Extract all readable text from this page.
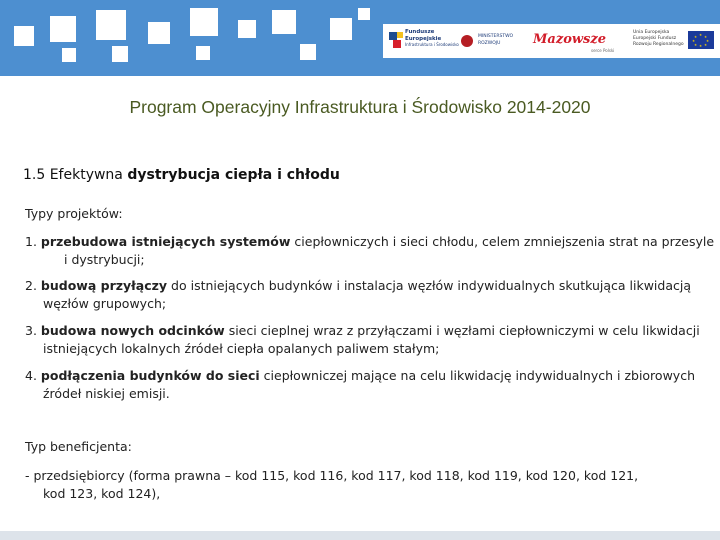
Fundusze
Europejskie
Infrastruktura i Środowisko
MINISTERSTWO
ROZWOJU	Mazowsze
serce Polski
Unia Europejska
Europejski Fundusz
Rozwoju Regionalnego
★ ★
★
★
★
★
★
★
Program Operacyjny Infrastruktura i Środowisko 2014-2020
1.5 Efektywna dystrybucja ciepła i chłodu
Typy projektów:
1. przebudowa istniejących systemów ciepłowniczych i sieci chłodu, celem zmniejszenia strat na przesyle
i dystrybucji;
2. budową przyłączy do istniejących budynków i instalacja węzłów indywidualnych skutkująca likwidacją
węzłów grupowych;
3. budowa nowych odcinków sieci cieplnej wraz z przyłączami i węzłami ciepłowniczymi w celu likwidacji
istniejących lokalnych źródeł ciepła opalanych paliwem stałym;
4. podłączenia budynków do sieci ciepłowniczej mające na celu likwidację indywidualnych i zbiorowych
źródeł niskiej emisji.
Typ beneficjenta:
- przedsiębiorcy (forma prawna – kod 115, kod 116, kod 117, kod 118, kod 119, kod 120, kod 121,
kod 123, kod 124),
